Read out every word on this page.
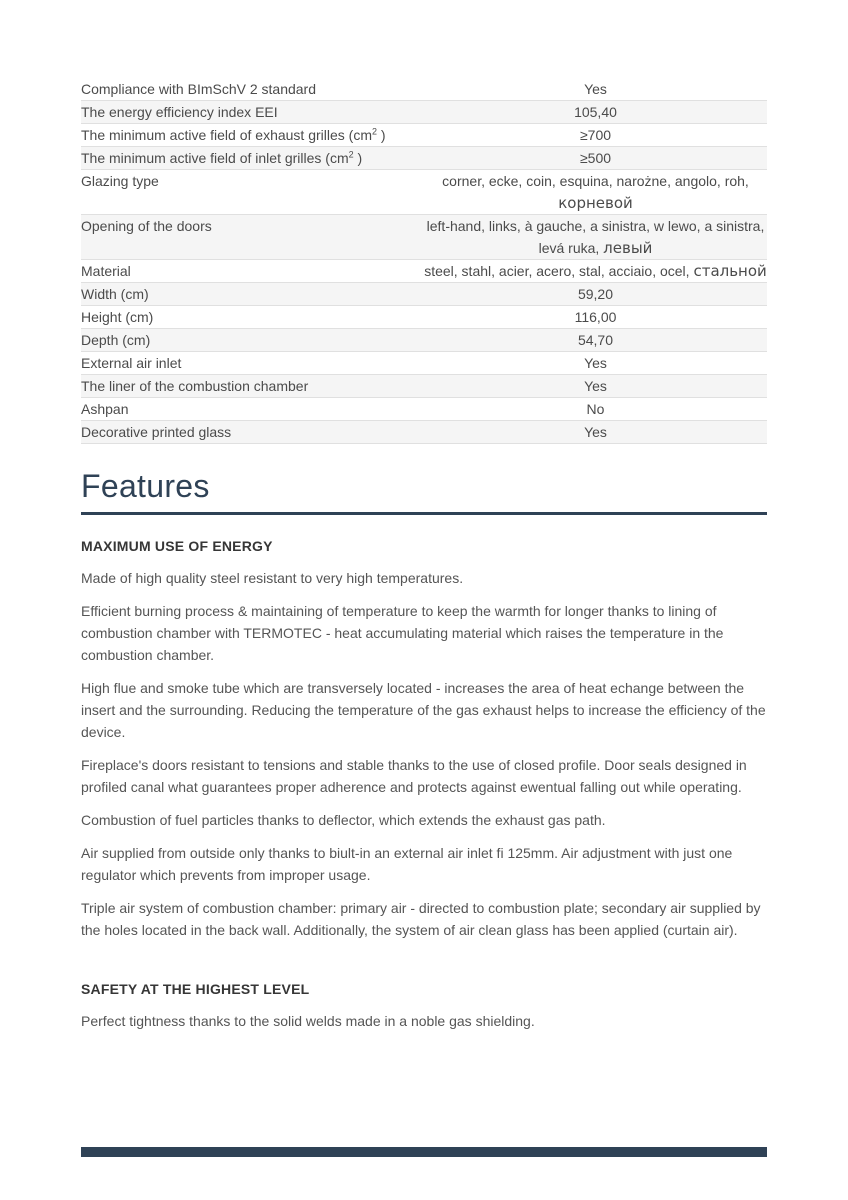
Compliance with BImSchV 2 standard	Yes
The energy efficiency index EEI	105,40
The minimum active field of exhaust grilles ($cm^2$ )	≥700
The minimum active field of inlet grilles ($cm^2$ )	≥500
Glazing type	corner, ecke, coin, esquina, narożne, angolo, roh, корневой
Opening of the doors	left-hand, links, à gauche, a sinistra, w lewo, a sinistra, levá ruka, левый
Material	steel, stahl, acier, acero, stal, acciaio, ocel, стальной
Width (cm)	59,20
Height (cm)	116,00
Depth (cm)	54,70
External air inlet	Yes
The liner of the combustion chamber	Yes
Ashpan	No
Decorative printed glass	Yes
Features
MAXIMUM USE OF ENERGY

Made of high quality steel resistant to very high temperatures.

Efficient burning process & maintaining of temperature to keep the warmth for longer thanks to lining of combustion chamber with TERMOTEC - heat accumulating material which raises the temperature in the combustion chamber.

High flue and smoke tube which are transversely located - increases the area of heat echange between the insert and the surrounding. Reducing the temperature of the gas exhaust helps to increase the efficiency of the device.

Fireplace's doors resistant to tensions and stable thanks to the use of closed profile. Door seals designed in profiled canal what guarantees proper adherence and protects against ewentual falling out while operating.

Combustion of fuel particles thanks to deflector, which extends the exhaust gas path.

Air supplied from outside only thanks to biult-in an external air inlet fi 125mm. Air adjustment with just one regulator which prevents from improper usage.

Triple air system of combustion chamber: primary air - directed to combustion plate; secondary air supplied by the holes located in the back wall. Additionally, the system of air clean glass has been applied (curtain air).

SAFETY AT THE HIGHEST LEVEL

Perfect tightness thanks to the solid welds made in a noble gas shielding.
